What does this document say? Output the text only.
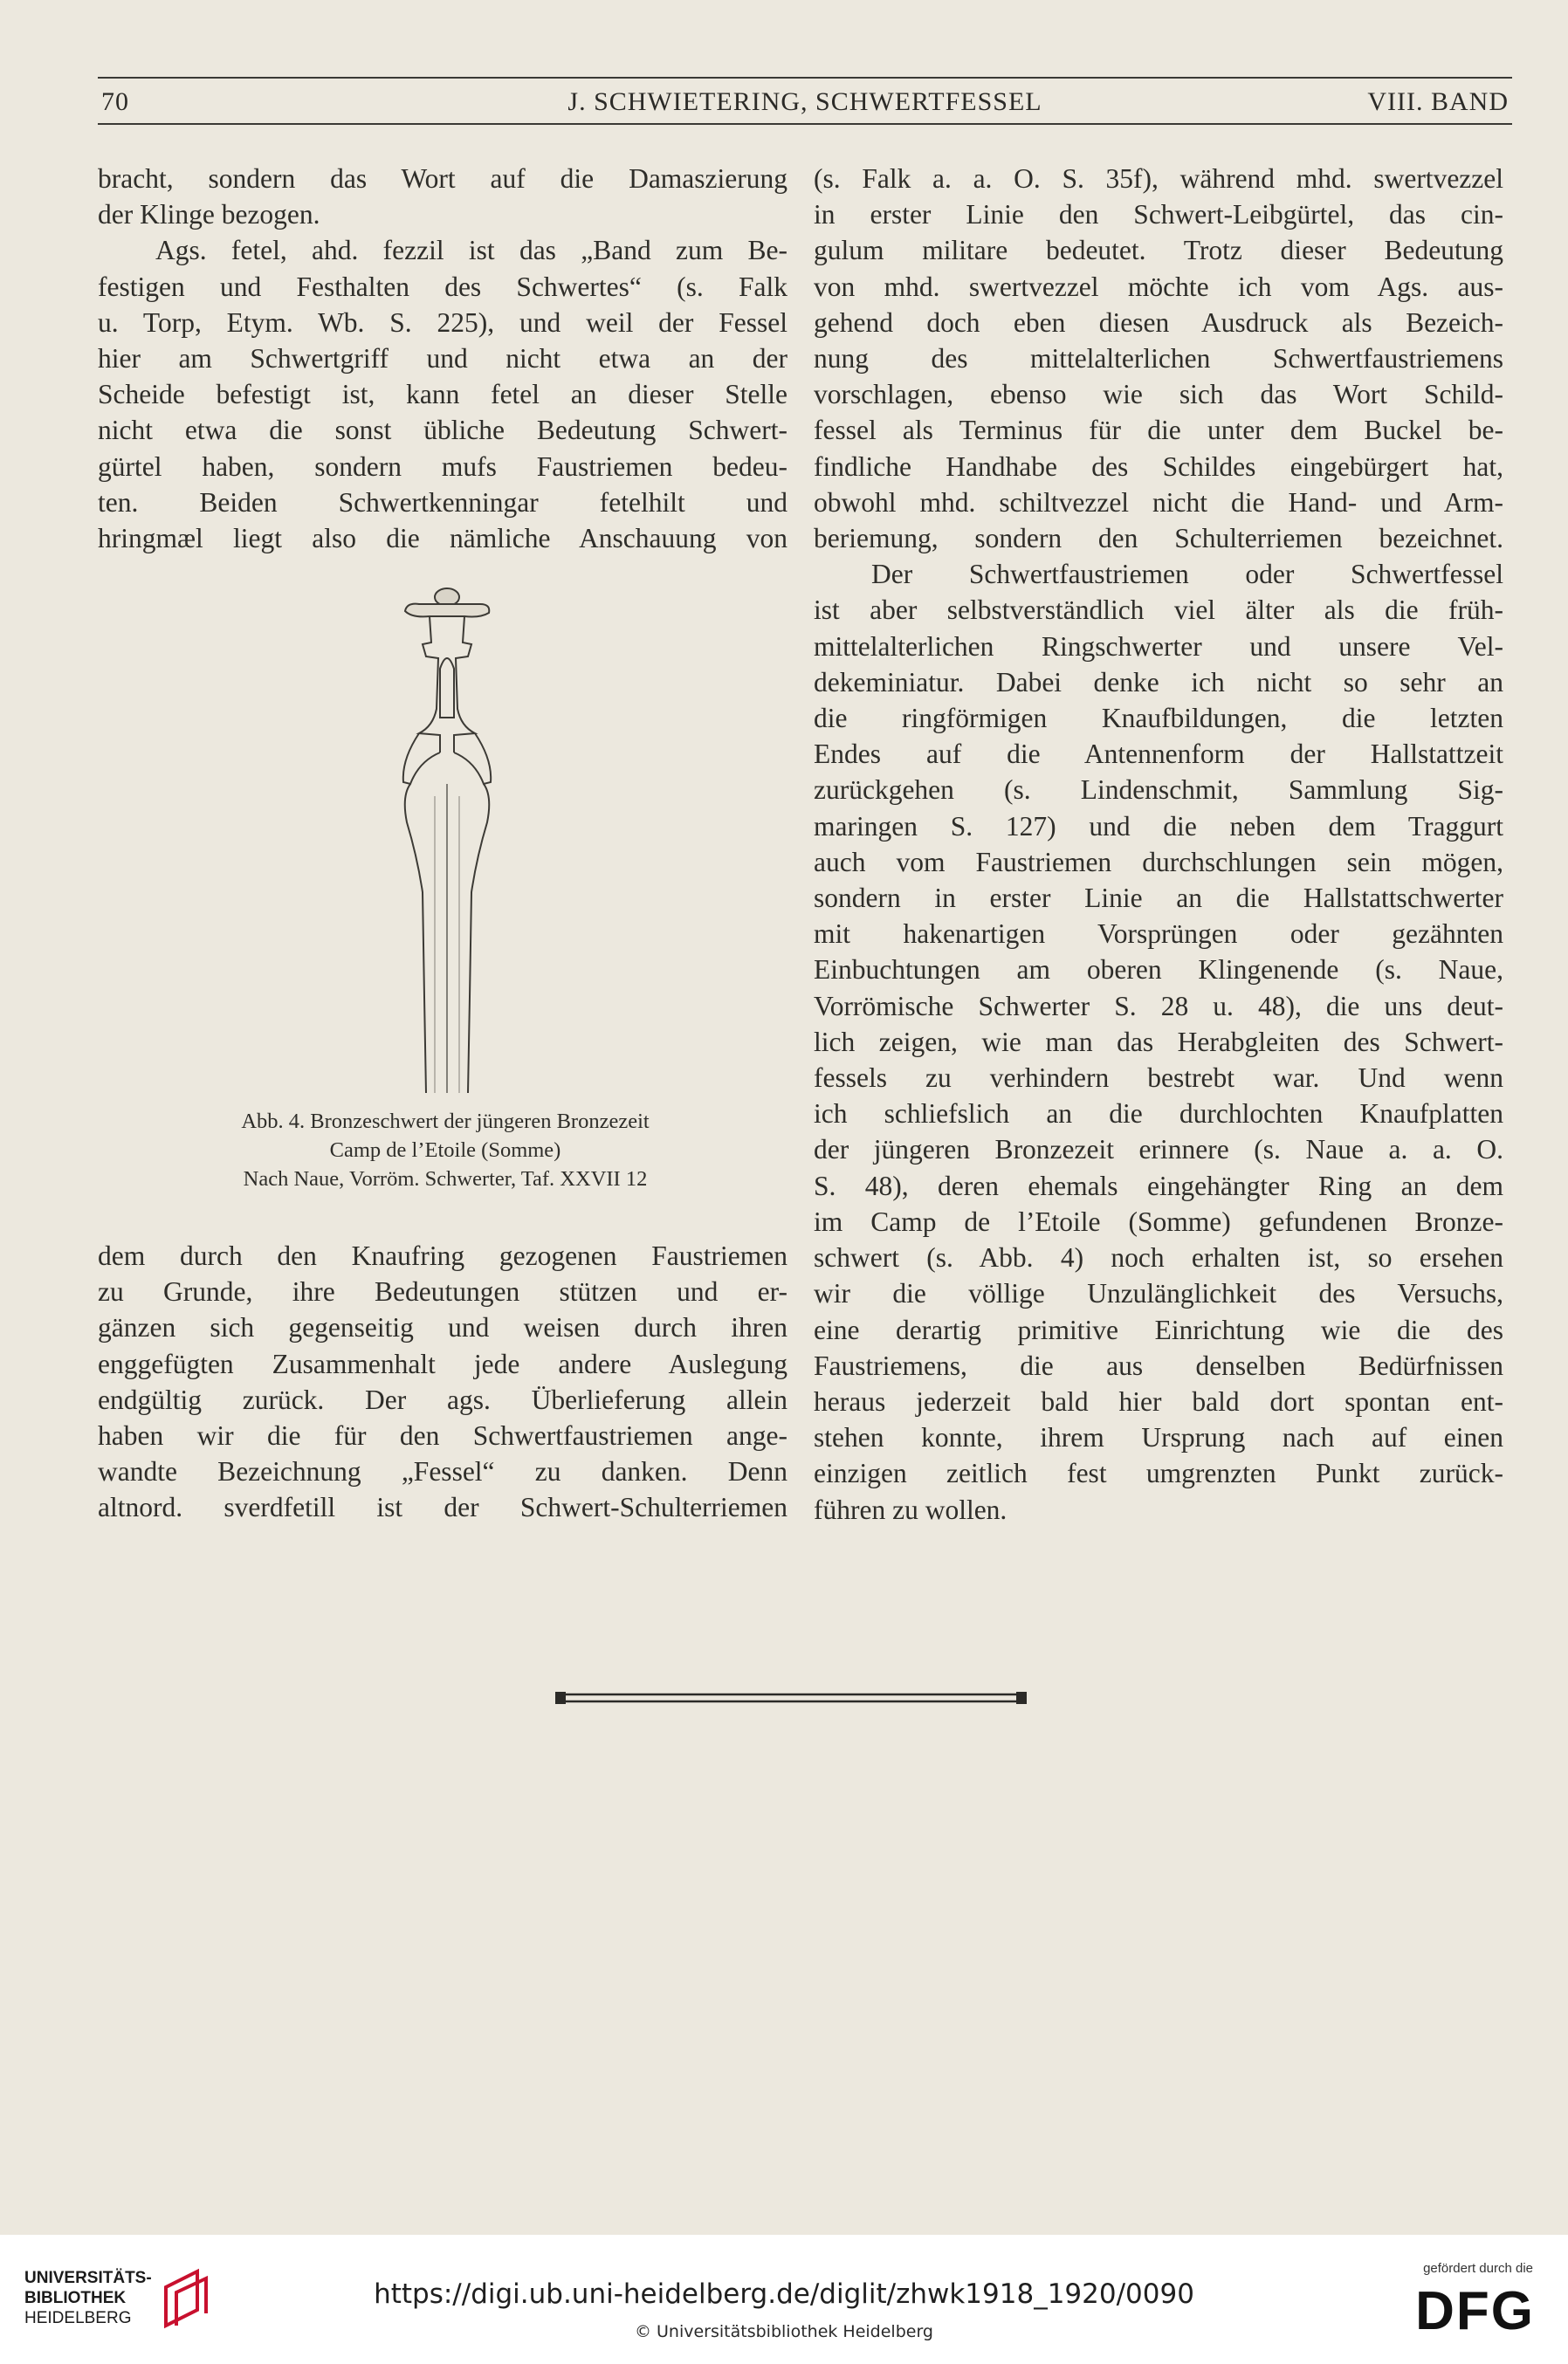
70	J. SCHWIETERING, SCHWERTFESSEL	VIII. BAND
bracht, sondern das Wort auf die Damaszierung
der Klinge bezogen.
Ags. fetel, ahd. fezzil ist das „Band zum Be-
festigen und Festhalten des Schwertes“ (s. Falk
u. Torp, Etym. Wb. S. 225), und weil der Fessel
hier am Schwertgriff und nicht etwa an der
Scheide befestigt ist, kann fetel an dieser Stelle
nicht etwa die sonst übliche Bedeutung Schwert-
gürtel haben, sondern mufs Faustriemen bedeu-
ten. Beiden Schwertkenningar fetelhilt und
hringmæl liegt also die nämliche Anschauung von
Abb. 4. Bronzeschwert der jüngeren Bronzezeit
Camp de l’Etoile (Somme)
Nach Naue, Vorröm. Schwerter, Taf. XXVII 12
dem durch den Knaufring gezogenen Faustriemen
zu Grunde, ihre Bedeutungen stützen und er-
gänzen sich gegenseitig und weisen durch ihren
enggefügten Zusammenhalt jede andere Auslegung
endgültig zurück. Der ags. Überlieferung allein
haben wir die für den Schwertfaustriemen ange-
wandte Bezeichnung „Fessel“ zu danken. Denn
altnord. sverdfetill ist der Schwert-Schulterriemen
(s. Falk a. a. O. S. 35f), während mhd. swertvezzel
in erster Linie den Schwert-Leibgürtel, das cin-
gulum militare bedeutet. Trotz dieser Bedeutung
von mhd. swertvezzel möchte ich vom Ags. aus-
gehend doch eben diesen Ausdruck als Bezeich-
nung des mittelalterlichen Schwertfaustriemens
vorschlagen, ebenso wie sich das Wort Schild-
fessel als Terminus für die unter dem Buckel be-
findliche Handhabe des Schildes eingebürgert hat,
obwohl mhd. schiltvezzel nicht die Hand- und Arm-
beriemung, sondern den Schulterriemen bezeichnet.
Der Schwertfaustriemen oder Schwertfessel
ist aber selbstverständlich viel älter als die früh-
mittelalterlichen Ringschwerter und unsere Vel-
dekeminiatur. Dabei denke ich nicht so sehr an
die ringförmigen Knaufbildungen, die letzten
Endes auf die Antennenform der Hallstattzeit
zurückgehen (s. Lindenschmit, Sammlung Sig-
maringen S. 127) und die neben dem Traggurt
auch vom Faustriemen durchschlungen sein mögen,
sondern in erster Linie an die Hallstattschwerter
mit hakenartigen Vorsprüngen oder gezähnten
Einbuchtungen am oberen Klingenende (s. Naue,
Vorrömische Schwerter S. 28 u. 48), die uns deut-
lich zeigen, wie man das Herabgleiten des Schwert-
fessels zu verhindern bestrebt war. Und wenn
ich schliefslich an die durchlochten Knaufplatten
der jüngeren Bronzezeit erinnere (s. Naue a. a. O.
S. 48), deren ehemals eingehängter Ring an dem
im Camp de l’Etoile (Somme) gefundenen Bronze-
schwert (s. Abb. 4) noch erhalten ist, so ersehen
wir die völlige Unzulänglichkeit des Versuchs,
eine derartig primitive Einrichtung wie die des
Faustriemens, die aus denselben Bedürfnissen
heraus jederzeit bald hier bald dort spontan ent-
stehen konnte, ihrem Ursprung nach auf einen
einzigen zeitlich fest umgrenzten Punkt zurück-
führen zu wollen.
UNIVERSITÄTS-
BIBLIOTHEK
HEIDELBERG
https://digi.ub.uni-heidelberg.de/diglit/zhwk1918_1920/0090
© Universitätsbibliothek Heidelberg
gefördert durch die
DFG
